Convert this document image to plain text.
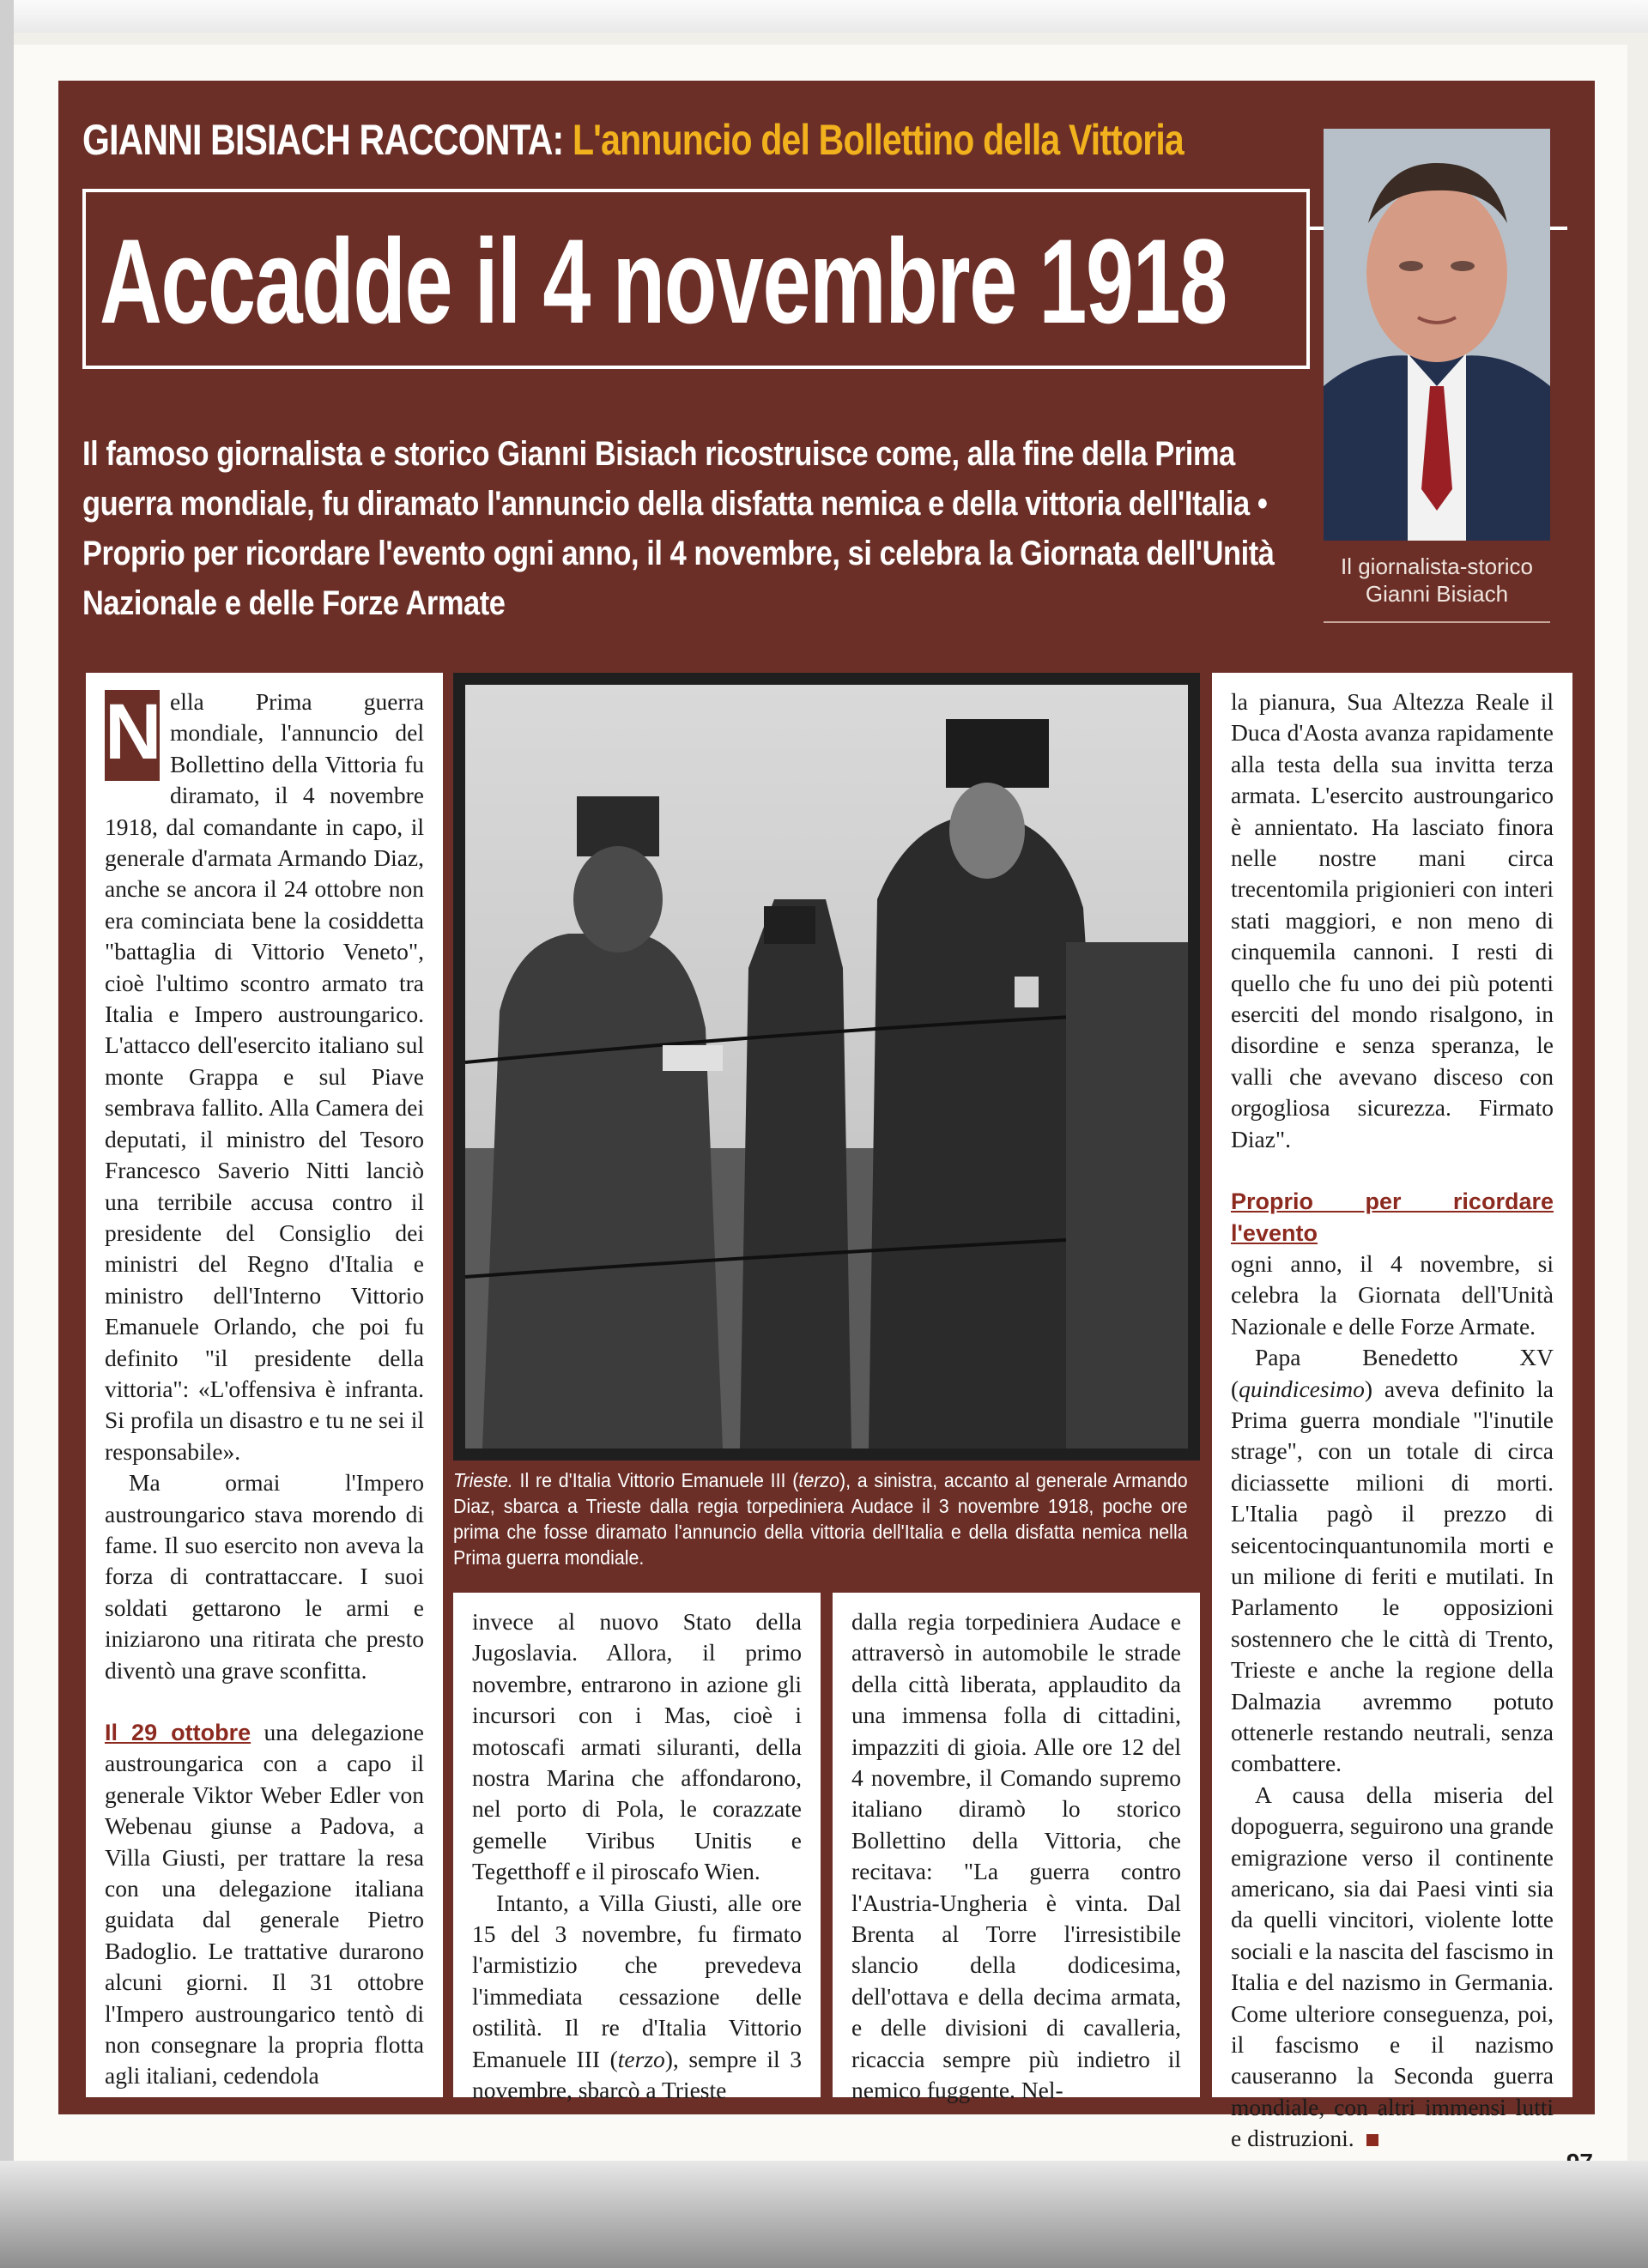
GIANNI BISIACH RACCONTA: L'annuncio del Bollettino della Vittoria
Accadde il 4 novembre 1918

Il famoso giornalista e storico Gianni Bisiach ricostruisce come, alla fine della Prima guerra mondiale, fu diramato l'annuncio della disfatta nemica e della vittoria dell'Italia • Proprio per ricordare l'evento ogni anno, il 4 novembre, si celebra la Giornata dell'Unità Nazionale e delle Forze Armate

Il giornalista-storico
Gianni Bisiach

N ella Prima guerra mondiale, l'annuncio del Bollettino della Vittoria fu diramato, il 4 novembre 1918, dal comandante in capo, il generale d'armata Armando Diaz, anche se ancora il 24 ottobre non era cominciata bene la cosiddetta "battaglia di Vittorio Veneto", cioè l'ultimo scontro armato tra Italia e Impero austroungarico. L'attacco dell'esercito italiano sul monte Grappa e sul Piave sembrava fallito. Alla Camera dei deputati, il ministro del Tesoro Francesco Saverio Nitti lanciò una terribile accusa contro il presidente del Consiglio dei ministri del Regno d'Italia e ministro dell'Interno Vittorio Emanuele Orlando, che poi fu definito "il presidente della vittoria": «L'offensiva è infranta. Si profila un disastro e tu ne sei il responsabile».

Ma ormai l'Impero austroungarico stava morendo di fame. Il suo esercito non aveva la forza di contrattaccare. I suoi soldati gettarono le armi e iniziarono una ritirata che presto diventò una grave sconfitta.

Il 29 ottobre una delegazione austroungarica con a capo il generale Viktor Weber Edler von Webenau giunse a Padova, a Villa Giusti, per trattare la resa con una delegazione italiana guidata dal generale Pietro Badoglio. Le trattative durarono alcuni giorni. Il 31 ottobre l'Impero austroungarico tentò di non consegnare la propria flotta agli italiani, cedendola

Trieste. Il re d'Italia Vittorio Emanuele III (terzo), a sinistra, accanto al generale Armando Diaz, sbarca a Trieste dalla regia torpediniera Audace il 3 novembre 1918, poche ore prima che fosse diramato l'annuncio della vittoria dell'Italia e della disfatta nemica nella Prima guerra mondiale.

invece al nuovo Stato della Jugoslavia. Allora, il primo novembre, entrarono in azione gli incursori con i Mas, cioè i motoscafi armati siluranti, della nostra Marina che affondarono, nel porto di Pola, le corazzate gemelle Viribus Unitis e Tegetthoff e il piroscafo Wien.

Intanto, a Villa Giusti, alle ore 15 del 3 novembre, fu firmato l'armistizio che prevedeva l'immediata cessazione delle ostilità. Il re d'Italia Vittorio Emanuele III (terzo), sempre il 3 novembre, sbarcò a Trieste

dalla regia torpediniera Audace e attraversò in automobile le strade della città liberata, applaudito da una immensa folla di cittadini, impazziti di gioia. Alle ore 12 del 4 novembre, il Comando supremo italiano diramò lo storico Bollettino della Vittoria, che recitava: "La guerra contro l'Austria-Ungheria è vinta. Dal Brenta al Torre l'irresistibile slancio della dodicesima, dell'ottava e della decima armata, e delle divisioni di cavalleria, ricaccia sempre più indietro il nemico fuggente. Nel-

la pianura, Sua Altezza Reale il Duca d'Aosta avanza rapidamente alla testa della sua invitta terza armata. L'esercito austroungarico è annientato. Ha lasciato finora nelle nostre mani circa trecentomila prigionieri con interi stati maggiori, e non meno di cinquemila cannoni. I resti di quello che fu uno dei più potenti eserciti del mondo risalgono, in disordine e senza speranza, le valli che avevano disceso con orgogliosa sicurezza. Firmato Diaz".

Proprio per ricordare l'evento

ogni anno, il 4 novembre, si celebra la Giornata dell'Unità Nazionale e delle Forze Armate.

Papa Benedetto XV (quindicesimo) aveva definito la Prima guerra mondiale "l'inutile strage", con un totale di circa diciassette milioni di morti. L'Italia pagò il prezzo di seicentocinquantunomila morti e un milione di feriti e mutilati. In Parlamento le opposizioni sostennero che le città di Trento, Trieste e anche la regione della Dalmazia avremmo potuto ottenerle restando neutrali, senza combattere.

A causa della miseria del dopoguerra, seguirono una grande emigrazione verso il continente americano, sia dai Paesi vinti sia da quelli vincitori, violente lotte sociali e la nascita del fascismo in Italia e del nazismo in Germania. Come ulteriore conseguenza, poi, il fascismo e il nazismo causeranno la Seconda guerra mondiale, con altri immensi lutti e distruzioni.
